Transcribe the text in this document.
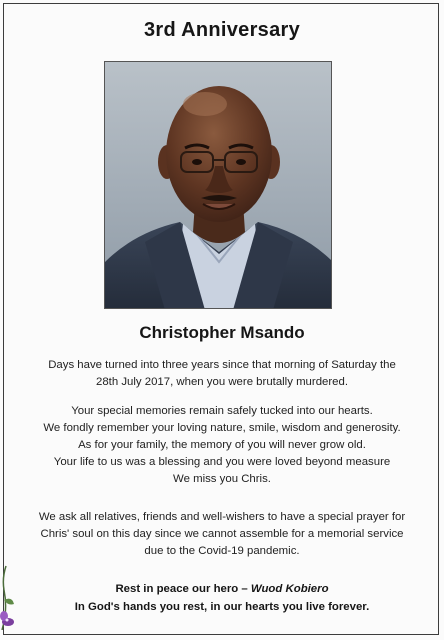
3rd Anniversary
Christopher Msando
Days have turned into three years since that morning of Saturday the
28th July 2017, when you were brutally murdered.
Your special memories remain safely tucked into our hearts.
We fondly remember your loving nature, smile, wisdom and generosity.
As for your family, the memory of you will never grow old.
Your life to us was a blessing and you were loved beyond measure
We miss you Chris.
We ask all relatives, friends and well-wishers to have a special prayer for
Chris' soul on this day since we cannot assemble for a memorial service
due to the Covid-19 pandemic.
Rest in peace our hero – Wuod Kobiero
In God's hands you rest, in our hearts you live forever.
